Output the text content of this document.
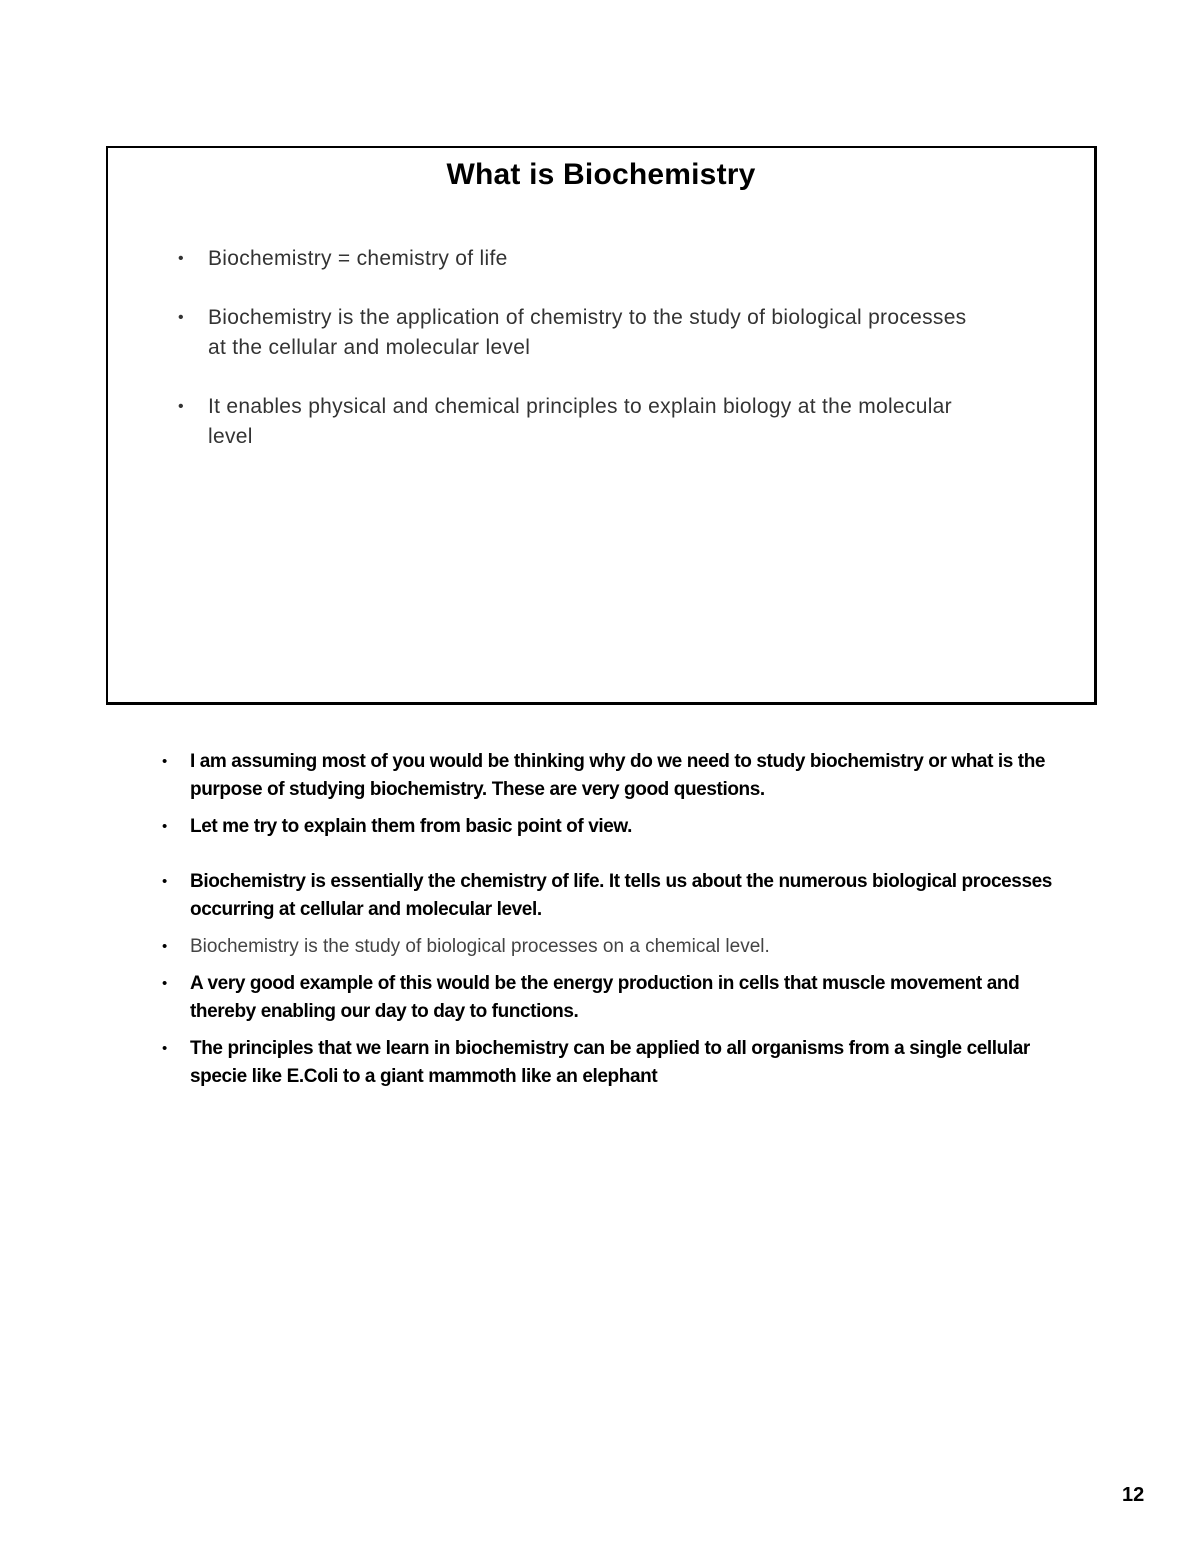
What is Biochemistry
• Biochemistry = chemistry of life
• Biochemistry is the application of chemistry to the study of biological processes at the cellular and molecular level
• It enables physical and chemical principles to explain biology at the molecular level
• I am assuming most of you would be thinking why do we need to study biochemistry or what is the purpose of studying biochemistry. These are very good questions.
• Let me try to explain them from basic point of view.
• Biochemistry is essentially the chemistry of life. It tells us about the numerous biological processes occurring at cellular and molecular level.
• Biochemistry is the study of biological processes on a chemical level.
• A very good example of this would be the energy production in cells that muscle movement and thereby enabling our day to day to functions.
• The principles that we learn in biochemistry can be applied to all organisms from a single cellular specie like E.Coli to a giant mammoth like an elephant
12
